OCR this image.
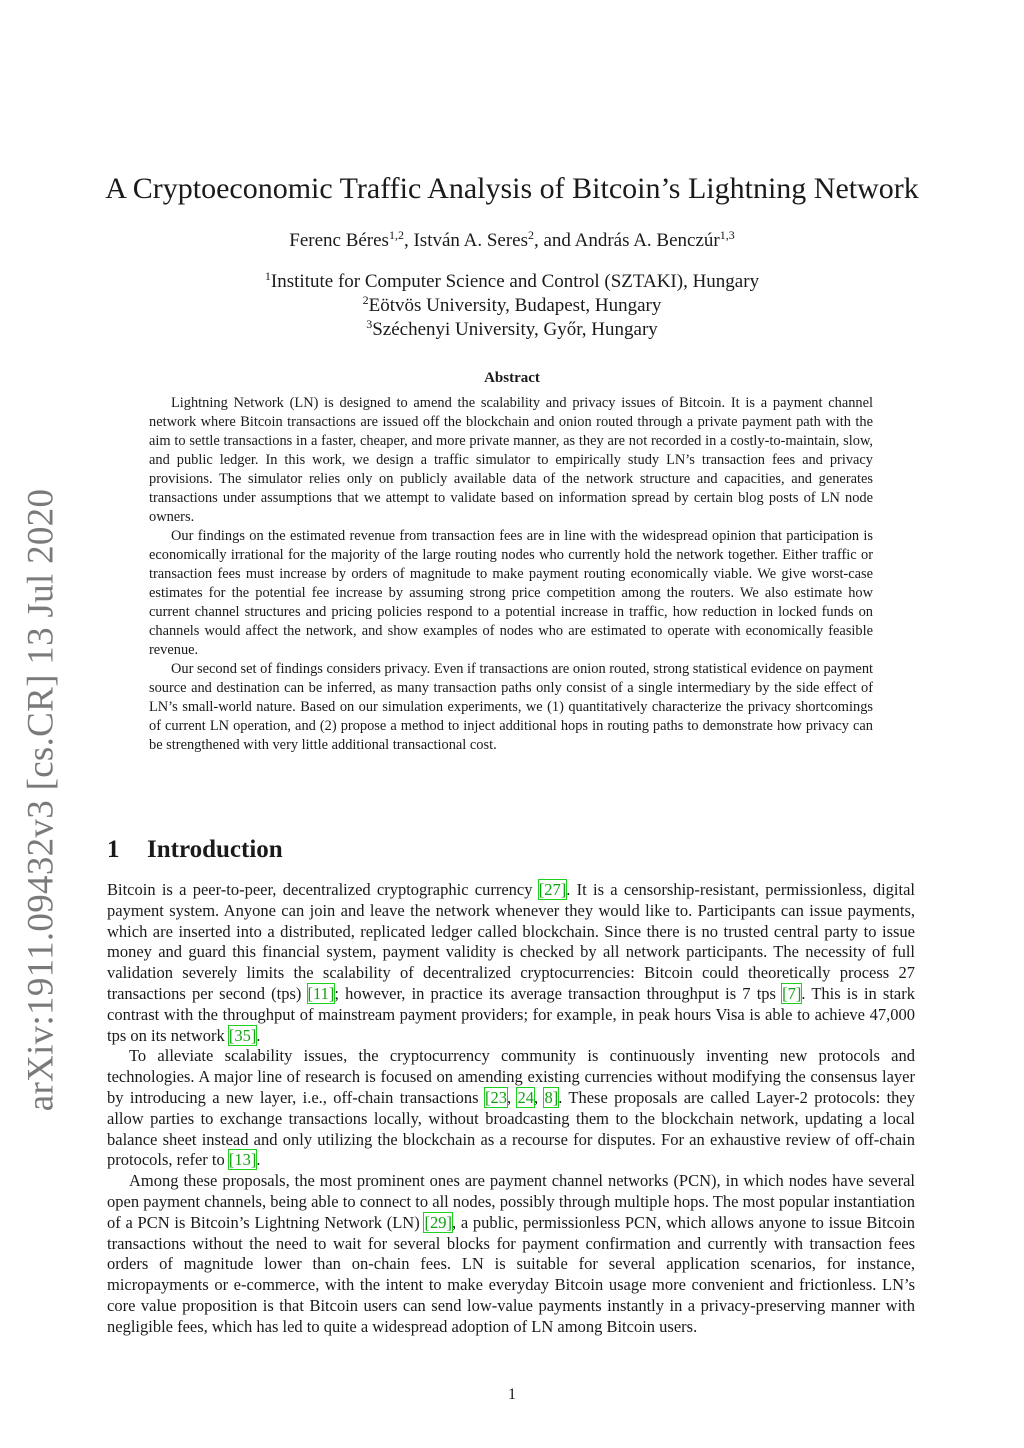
arXiv:1911.09432v3 [cs.CR] 13 Jul 2020
A Cryptoeconomic Traffic Analysis of Bitcoin’s Lightning Network
Ferenc Béres$^{1,2}$, István A. Seres$^2$, and András A. Benczúr$^{1,3}$
$^1$Institute for Computer Science and Control (SZTAKI), Hungary
$^2$Eötvös University, Budapest, Hungary
$^3$Széchenyi University, Győr, Hungary
Abstract

Lightning Network (LN) is designed to amend the scalability and privacy issues of Bitcoin. It is a payment channel network where Bitcoin transactions are issued off the blockchain and onion routed through a private payment path with the aim to settle transactions in a faster, cheaper, and more private manner, as they are not recorded in a costly-to-maintain, slow, and public ledger. In this work, we design a traffic simulator to empirically study LN’s transaction fees and privacy provisions. The simulator relies only on publicly available data of the network structure and capacities, and generates transactions under assumptions that we attempt to validate based on information spread by certain blog posts of LN node owners.

Our findings on the estimated revenue from transaction fees are in line with the widespread opinion that participation is economically irrational for the majority of the large routing nodes who currently hold the network together. Either traffic or transaction fees must increase by orders of magnitude to make payment routing economically viable. We give worst-case estimates for the potential fee increase by assuming strong price competition among the routers. We also estimate how current channel structures and pricing policies respond to a potential increase in traffic, how reduction in locked funds on channels would affect the network, and show examples of nodes who are estimated to operate with economically feasible revenue.

Our second set of findings considers privacy. Even if transactions are onion routed, strong statistical evidence on payment source and destination can be inferred, as many transaction paths only consist of a single intermediary by the side effect of LN’s small-world nature. Based on our simulation experiments, we (1) quantitatively characterize the privacy shortcomings of current LN operation, and (2) propose a method to inject additional hops in routing paths to demonstrate how privacy can be strengthened with very little additional transactional cost.

1 Introduction

Bitcoin is a peer-to-peer, decentralized cryptographic currency [27]. It is a censorship-resistant, permissionless, digital payment system. Anyone can join and leave the network whenever they would like to. Participants can issue payments, which are inserted into a distributed, replicated ledger called blockchain. Since there is no trusted central party to issue money and guard this financial system, payment validity is checked by all network participants. The necessity of full validation severely limits the scalability of decentralized cryptocurrencies: Bitcoin could theoretically process 27 transactions per second (tps) [11]; however, in practice its average transaction throughput is 7 tps [7]. This is in stark contrast with the throughput of mainstream payment providers; for example, in peak hours Visa is able to achieve 47,000 tps on its network [35].

To alleviate scalability issues, the cryptocurrency community is continuously inventing new protocols and technologies. A major line of research is focused on amending existing currencies without modifying the consensus layer by introducing a new layer, i.e., off-chain transactions [23, 24, 8]. These proposals are called Layer-2 protocols: they allow parties to exchange transactions locally, without broadcasting them to the blockchain network, updating a local balance sheet instead and only utilizing the blockchain as a recourse for disputes. For an exhaustive review of off-chain protocols, refer to [13].

Among these proposals, the most prominent ones are payment channel networks (PCN), in which nodes have several open payment channels, being able to connect to all nodes, possibly through multiple hops. The most popular instantiation of a PCN is Bitcoin’s Lightning Network (LN) [29], a public, permissionless PCN, which allows anyone to issue Bitcoin transactions without the need to wait for several blocks for payment confirmation and currently with transaction fees orders of magnitude lower than on-chain fees. LN is suitable for several application scenarios, for instance, micropayments or e-commerce, with the intent to make everyday Bitcoin usage more convenient and frictionless. LN’s core value proposition is that Bitcoin users can send low-value payments instantly in a privacy-preserving manner with negligible fees, which has led to quite a widespread adoption of LN among Bitcoin users.

1
